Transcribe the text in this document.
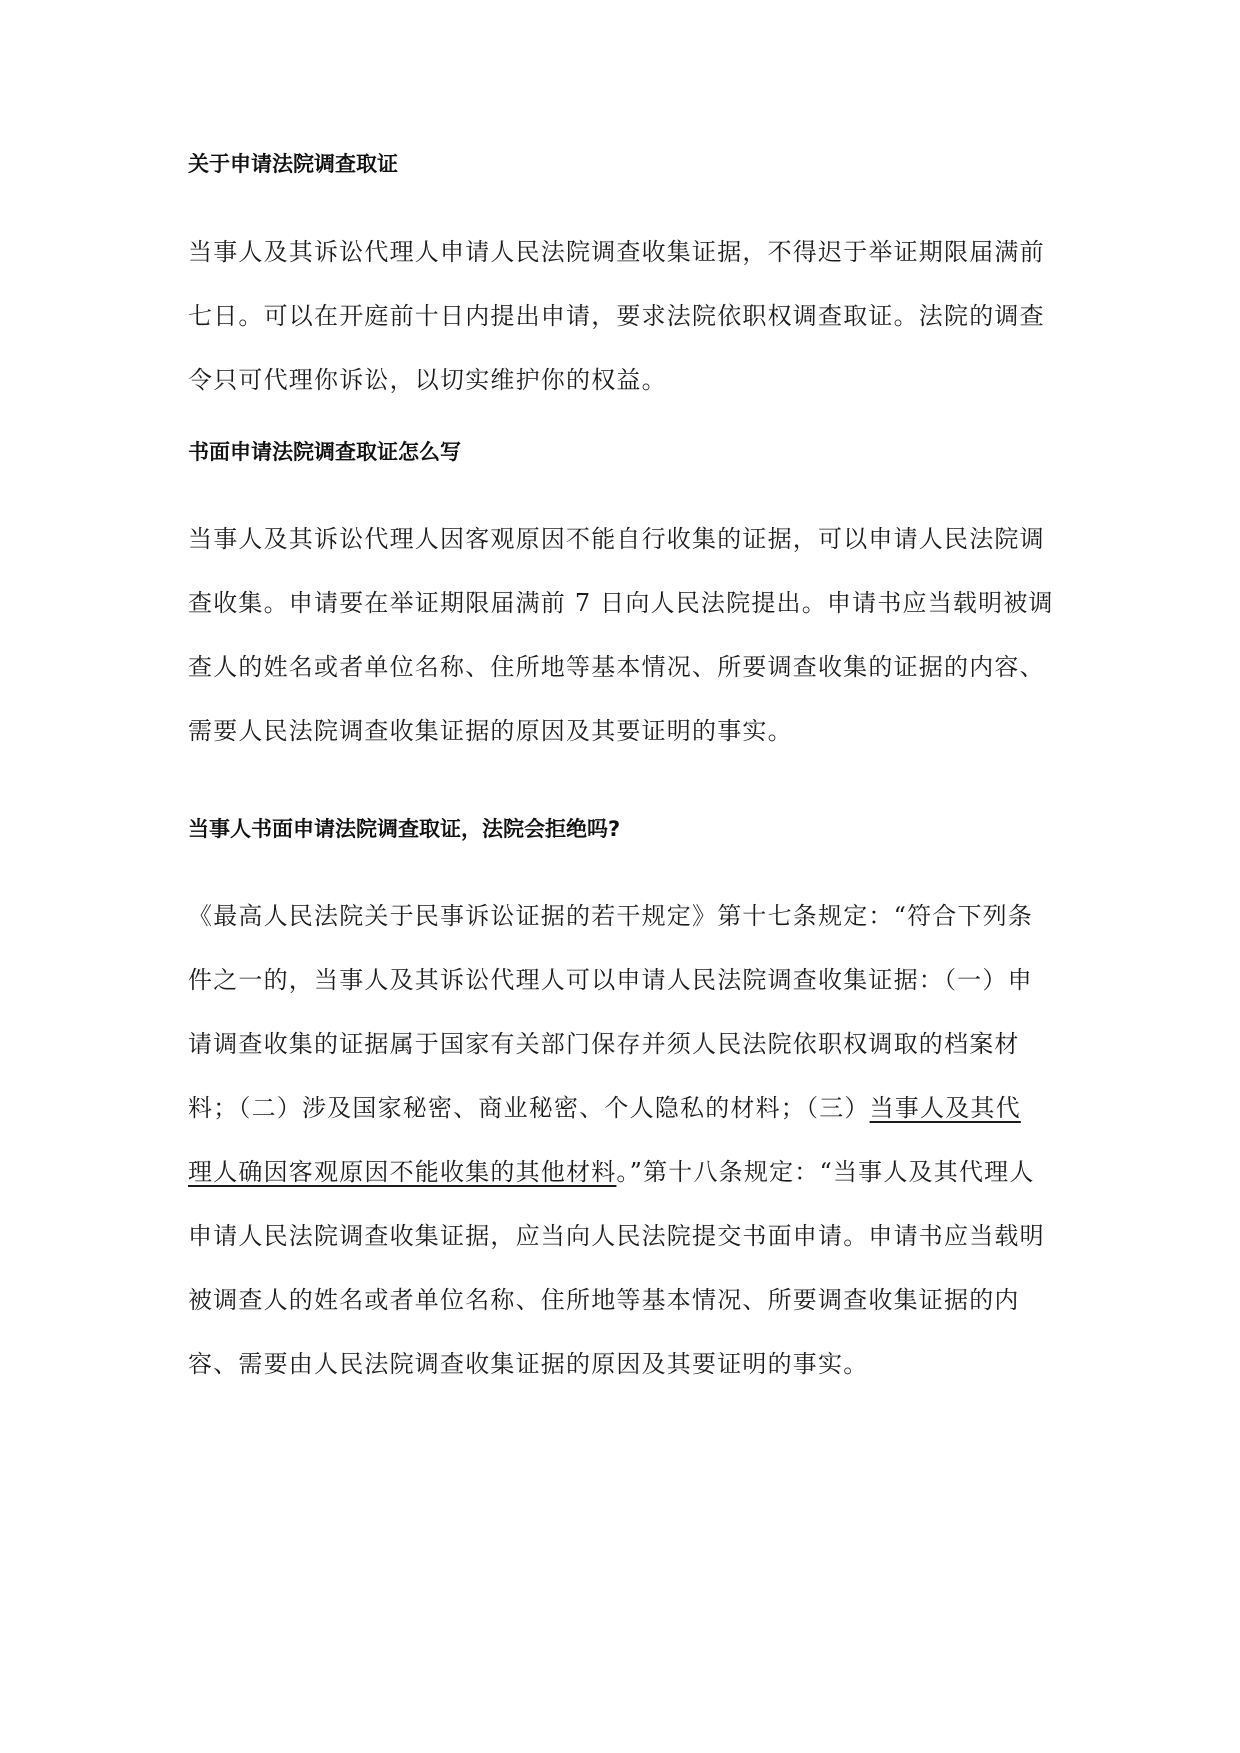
关于申请法院调查取证
当事人及其诉讼代理人申请人民法院调查收集证据，不得迟于举证期限届满前
七日。可以在开庭前十日内提出申请，要求法院依职权调查取证。法院的调查
令只可代理你诉讼，以切实维护你的权益。
书面申请法院调查取证怎么写
当事人及其诉讼代理人因客观原因不能自行收集的证据，可以申请人民法院调
查收集。申请要在举证期限届满前 7 日向人民法院提出。申请书应当载明被调
查人的姓名或者单位名称、住所地等基本情况、所要调查收集的证据的内容、
需要人民法院调查收集证据的原因及其要证明的事实。
当事人书面申请法院调查取证，法院会拒绝吗?
《最高人民法院关于民事诉讼证据的若干规定》第十七条规定：“符合下列条
件之一的，当事人及其诉讼代理人可以申请人民法院调查收集证据：（一）申
请调查收集的证据属于国家有关部门保存并须人民法院依职权调取的档案材
料；（二）涉及国家秘密、商业秘密、个人隐私的材料；（三）当事人及其代
理人确因客观原因不能收集的其他材料。”第十八条规定：“当事人及其代理人
申请人民法院调查收集证据，应当向人民法院提交书面申请。申请书应当载明
被调查人的姓名或者单位名称、住所地等基本情况、所要调查收集证据的内
容、需要由人民法院调查收集证据的原因及其要证明的事实。
